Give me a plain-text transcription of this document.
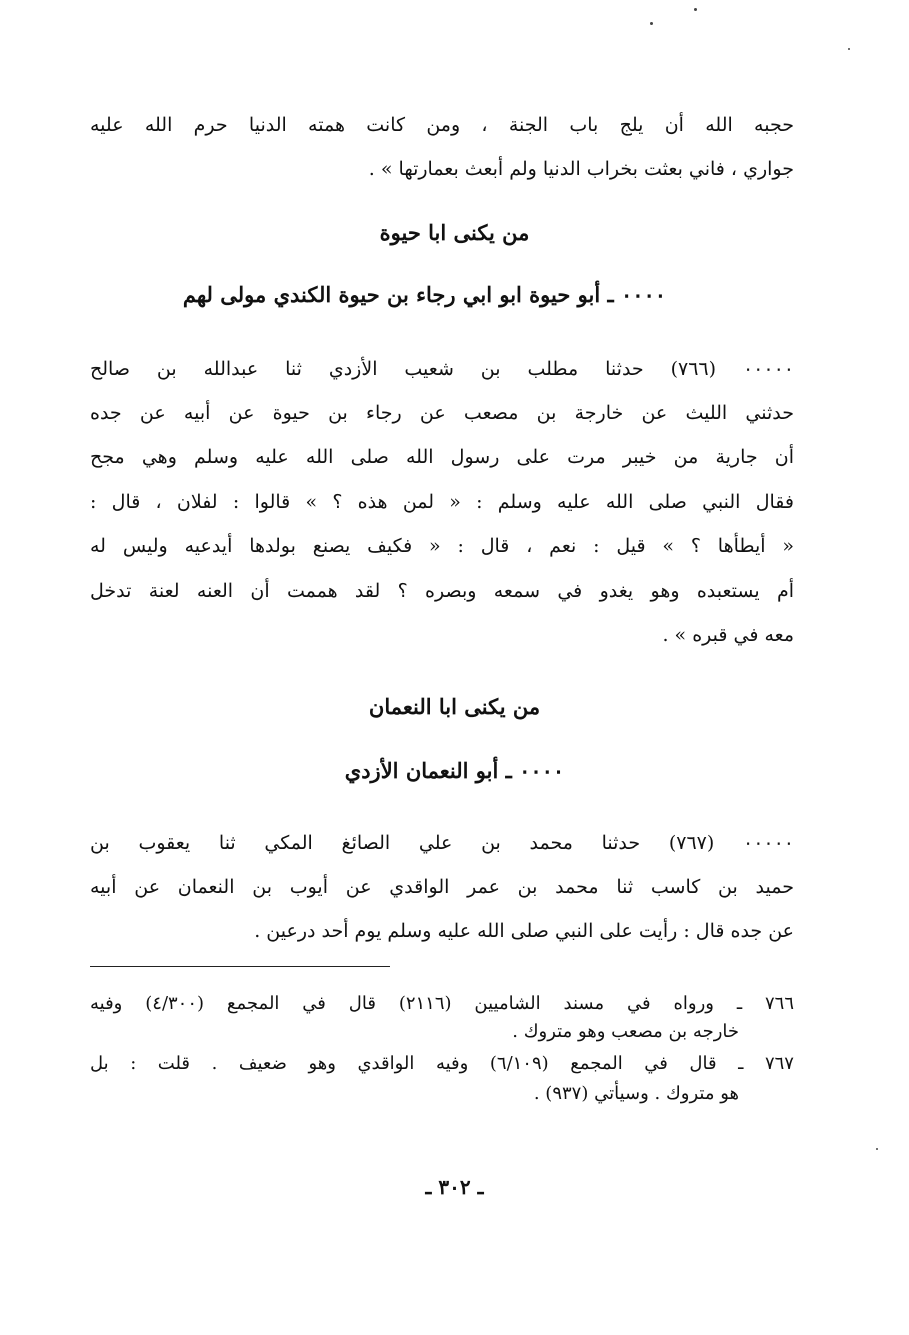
حجبه الله أن يلج باب الجنة ، ومن كانت همته الدنيا حرم الله عليه
جواري ، فاني بعثت بخراب الدنيا ولم أبعث بعمارتها » .
من يكنى ابا حيوة
٠٠٠٠ ـ أبو حيوة ابو ابي رجاء بن حيوة الكندي مولى لهم
٠٠٠٠٠ (٧٦٦) حدثنا مطلب بن شعيب الأزدي ثنا عبدالله بن صالح
حدثني الليث عن خارجة بن مصعب عن رجاء بن حيوة عن أبيه عن جده
أن جارية من خيبر مرت على رسول الله صلى الله عليه وسلم وهي مجح
فقال النبي صلى الله عليه وسلم : « لمن هذه ؟ » قالوا : لفلان ، قال :
« أيطأها ؟ » قيل : نعم ، قال : « فكيف يصنع بولدها أيدعيه وليس له
أم يستعبده وهو يغدو في سمعه وبصره ؟ لقد هممت أن العنه لعنة تدخل
معه في قبره » .
من يكنى ابا النعمان
٠٠٠٠ ـ أبو النعمان الأزدي
٠٠٠٠٠ (٧٦٧) حدثنا محمد بن علي الصائغ المكي ثنا يعقوب بن
حميد بن كاسب ثنا محمد بن عمر الواقدي عن أيوب بن النعمان عن أبيه
عن جده قال : رأيت على النبي صلى الله عليه وسلم يوم أحد درعين .
٧٦٦ ـ ورواه في مسند الشاميين (٢١١٦) قال في المجمع (٤/٣٠٠) وفيه
خارجه بن مصعب وهو متروك .
٧٦٧ ـ قال في المجمع (٦/١٠٩) وفيه الواقدي وهو ضعيف . قلت : بل
هو متروك . وسيأتي (٩٣٧) .
ـ ٣٠٢ ـ
